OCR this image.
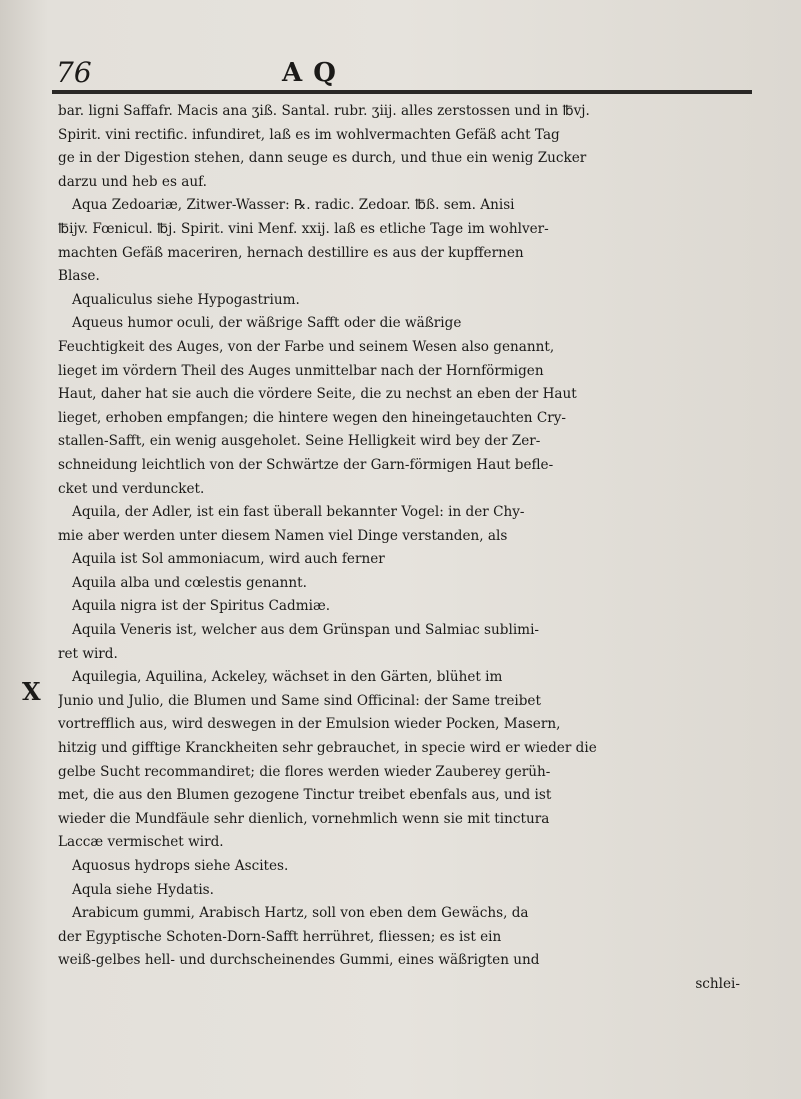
76	A Q
X
bar. ligni Saffafr. Macis ana ʒiß. Santal. rubr. ʒiij. alles zerstossen und in ℔vj.
Spirit. vini rectific. infundiret, laß es im wohlvermachten Gefäß acht Tag
ge in der Digestion stehen, dann seuge es durch, und thue ein wenig Zucker
darzu und heb es auf.
Aqua Zedoariæ, Zitwer-Wasser: ℞. radic. Zedoar. ℔ß. sem. Anisi
℔ijv. Fœnicul. ℔j. Spirit. vini Menf. xxij. laß es etliche Tage im wohlver-
machten Gefäß maceriren, hernach destillire es aus der kupffernen
Blase.
Aqualiculus siehe Hypogastrium.
Aqueus humor oculi, der wäßrige Safft oder die wäßrige
Feuchtigkeit des Auges, von der Farbe und seinem Wesen also genannt,
lieget im vördern Theil des Auges unmittelbar nach der Hornförmigen
Haut, daher hat sie auch die vördere Seite, die zu nechst an eben der Haut
lieget, erhoben empfangen; die hintere wegen den hineingetauchten Cry-
stallen-Safft, ein wenig ausgeholet. Seine Helligkeit wird bey der Zer-
schneidung leichtlich von der Schwärtze der Garn-förmigen Haut befle-
cket und verduncket.
Aquila, der Adler, ist ein fast überall bekannter Vogel: in der Chy-
mie aber werden unter diesem Namen viel Dinge verstanden, als
Aquila ist Sol ammoniacum, wird auch ferner
Aquila alba und cœlestis genannt.
Aquila nigra ist der Spiritus Cadmiæ.
Aquila Veneris ist, welcher aus dem Grünspan und Salmiac sublimi-
ret wird.
Aquilegia, Aquilina, Ackeley, wächset in den Gärten, blühet im
Junio und Julio, die Blumen und Same sind Officinal: der Same treibet
vortrefflich aus, wird deswegen in der Emulsion wieder Pocken, Masern,
hitzig und gifftige Kranckheiten sehr gebrauchet, in specie wird er wieder die
gelbe Sucht recommandiret; die flores werden wieder Zauberey gerüh-
met, die aus den Blumen gezogene Tinctur treibet ebenfals aus, und ist
wieder die Mundfäule sehr dienlich, vornehmlich wenn sie mit tinctura
Laccæ vermischet wird.
Aquosus hydrops siehe Ascites.
Aqula siehe Hydatis.
Arabicum gummi, Arabisch Hartz, soll von eben dem Gewächs, da
der Egyptische Schoten-Dorn-Safft herrühret, fliessen; es ist ein
weiß-gelbes hell- und durchscheinendes Gummi, eines wäßrigten und
schlei-
